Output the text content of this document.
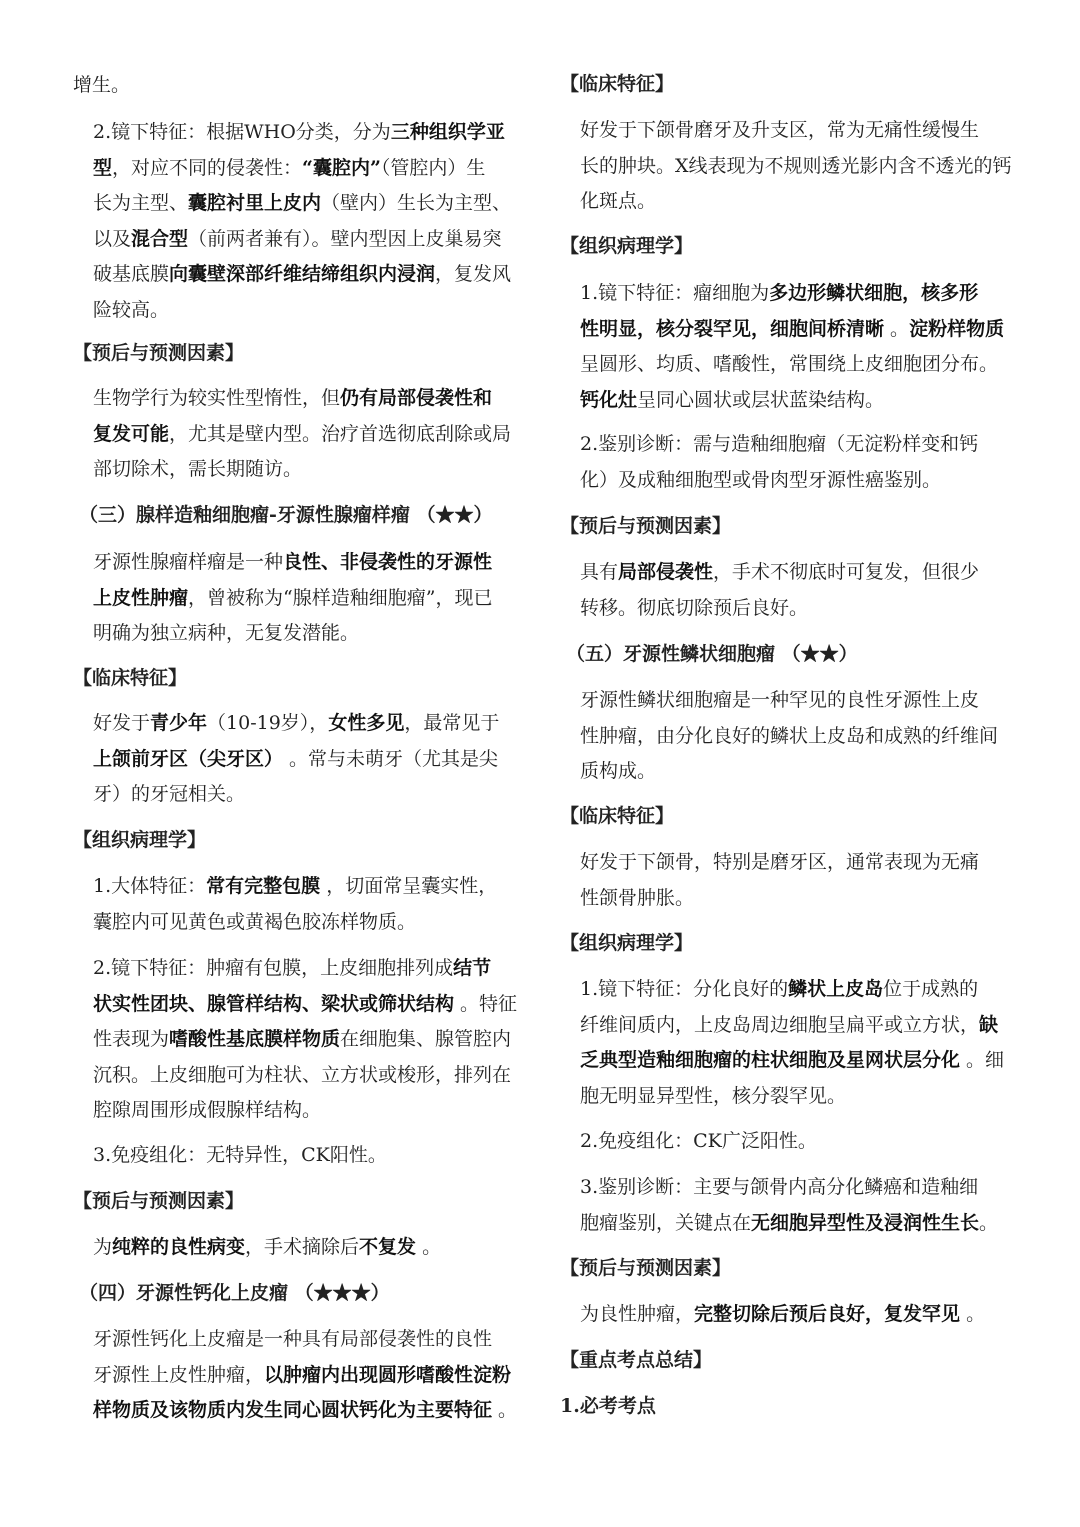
增生。
2.镜下特征：根据WHO分类，分为三种组织学亚
型，对应不同的侵袭性：“囊腔内”（管腔内）生
长为主型、囊腔衬里上皮内（壁内）生长为主型、
以及混合型（前两者兼有）。壁内型因上皮巢易突
破基底膜向囊壁深部纤维结缔组织内浸润，复发风
险较高。
【预后与预测因素】
生物学行为较实性型惰性，但仍有局部侵袭性和
复发可能，尤其是壁内型。治疗首选彻底刮除或局
部切除术，需长期随访。
（三）腺样造釉细胞瘤-牙源性腺瘤样瘤 （★★）
牙源性腺瘤样瘤是一种良性、非侵袭性的牙源性
上皮性肿瘤，曾被称为“腺样造釉细胞瘤”，现已
明确为独立病种，无复发潜能。
【临床特征】
好发于青少年（10-19岁），女性多见，最常见于
上颌前牙区（尖牙区） 。常与未萌牙（尤其是尖
牙）的牙冠相关。
【组织病理学】
1.大体特征：常有完整包膜 ，切面常呈囊实性，
囊腔内可见黄色或黄褐色胶冻样物质。
2.镜下特征：肿瘤有包膜，上皮细胞排列成结节
状实性团块、腺管样结构、梁状或筛状结构 。特征
性表现为嗜酸性基底膜样物质在细胞集、腺管腔内
沉积。上皮细胞可为柱状、立方状或梭形，排列在
腔隙周围形成假腺样结构。
3.免疫组化：无特异性，CK阳性。
【预后与预测因素】
为纯粹的良性病变，手术摘除后不复发 。
（四）牙源性钙化上皮瘤 （★★★）
牙源性钙化上皮瘤是一种具有局部侵袭性的良性
牙源性上皮性肿瘤，以肿瘤内出现圆形嗜酸性淀粉
样物质及该物质内发生同心圆状钙化为主要特征 。
【临床特征】
好发于下颌骨磨牙及升支区，常为无痛性缓慢生
长的肿块。X线表现为不规则透光影内含不透光的钙
化斑点。
【组织病理学】
1.镜下特征：瘤细胞为多边形鳞状细胞，核多形
性明显，核分裂罕见，细胞间桥清晰 。淀粉样物质
呈圆形、均质、嗜酸性，常围绕上皮细胞团分布。
钙化灶呈同心圆状或层状蓝染结构。
2.鉴别诊断：需与造釉细胞瘤（无淀粉样变和钙
化）及成釉细胞型或骨肉型牙源性癌鉴别。
【预后与预测因素】
具有局部侵袭性，手术不彻底时可复发，但很少
转移。彻底切除预后良好。
（五）牙源性鳞状细胞瘤 （★★）
牙源性鳞状细胞瘤是一种罕见的良性牙源性上皮
性肿瘤，由分化良好的鳞状上皮岛和成熟的纤维间
质构成。
【临床特征】
好发于下颌骨，特别是磨牙区，通常表现为无痛
性颌骨肿胀。
【组织病理学】
1.镜下特征：分化良好的鳞状上皮岛位于成熟的
纤维间质内，上皮岛周边细胞呈扁平或立方状，缺
乏典型造釉细胞瘤的柱状细胞及星网状层分化 。细
胞无明显异型性，核分裂罕见。
2.免疫组化：CK广泛阳性。
3.鉴别诊断：主要与颌骨内高分化鳞癌和造釉细
胞瘤鉴别，关键点在无细胞异型性及浸润性生长。
【预后与预测因素】
为良性肿瘤，完整切除后预后良好，复发罕见 。
【重点考点总结】
1.必考考点
